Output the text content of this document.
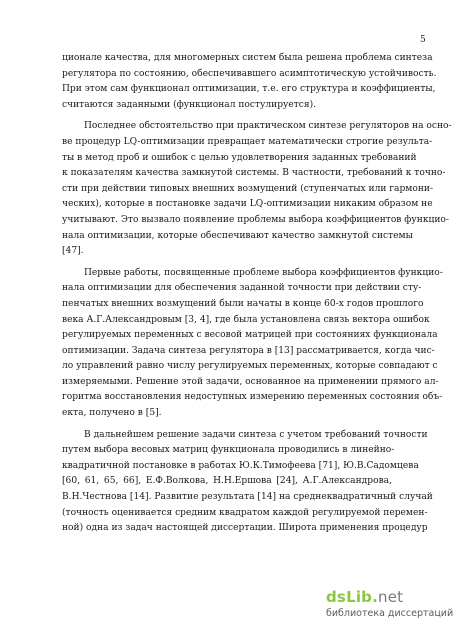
5
ционале качества, для многомерных систем была решена проблема синтеза
регулятора по состоянию, обеспечивавшего асимптотическую устойчивость.
При этом сам функционал оптимизации, т.е. его структура и коэффициенты,
считаются заданными (функционал постулируется).
Последнее обстоятельство при практическом синтезе регуляторов на осно-
ве процедур LQ-оптимизации превращает математически строгие результа-
ты в метод проб и ошибок с целью удовлетворения заданных требований
к показателям качества замкнутой системы. В частности, требований к точно-
сти при действии типовых внешних возмущений (ступенчатых или гармони-
ческих), которые в постановке задачи LQ-оптимизации никаким образом не
учитывают. Это вызвало появление проблемы выбора коэффициентов функцио-
нала оптимизации, которые обеспечивают качество замкнутой системы
[47].
Первые работы, посвященные проблеме выбора коэффициентов функцио-
нала оптимизации для обеспечения заданной точности при действии сту-
пенчатых внешних возмущений были начаты в конце 60-х годов прошлого
века А.Г.Александровым [3, 4], где была установлена связь вектора ошибок
регулируемых переменных с весовой матрицей при состояниях функционала
оптимизации. Задача синтеза регулятора в [13] рассматривается, когда чис-
ло управлений равно числу регулируемых переменных, которые совпадают с
измеряемыми. Решение этой задачи, основанное на применении прямого ал-
горитма восстановления недоступных измерению переменных состояния объ-
екта, получено в [5].
В дальнейшем решение задачи синтеза с учетом требований точности
путем выбора весовых матриц функционала проводились в линейно-
квадратичной постановке в работах Ю.К.Тимофеева [71], Ю.В.Садомцева
[60, 61, 65, 66], Е.Ф.Волкова, Н.Н.Ершова [24], А.Г.Александрова,
В.Н.Честнова [14]. Развитие результата [14] на среднеквадратичный случай
(точность оценивается средним квадратом каждой регулируемой перемен-
ной) одна из задач настоящей диссертации. Широта применения процедур
dsLib.net
библиотека диссертаций
